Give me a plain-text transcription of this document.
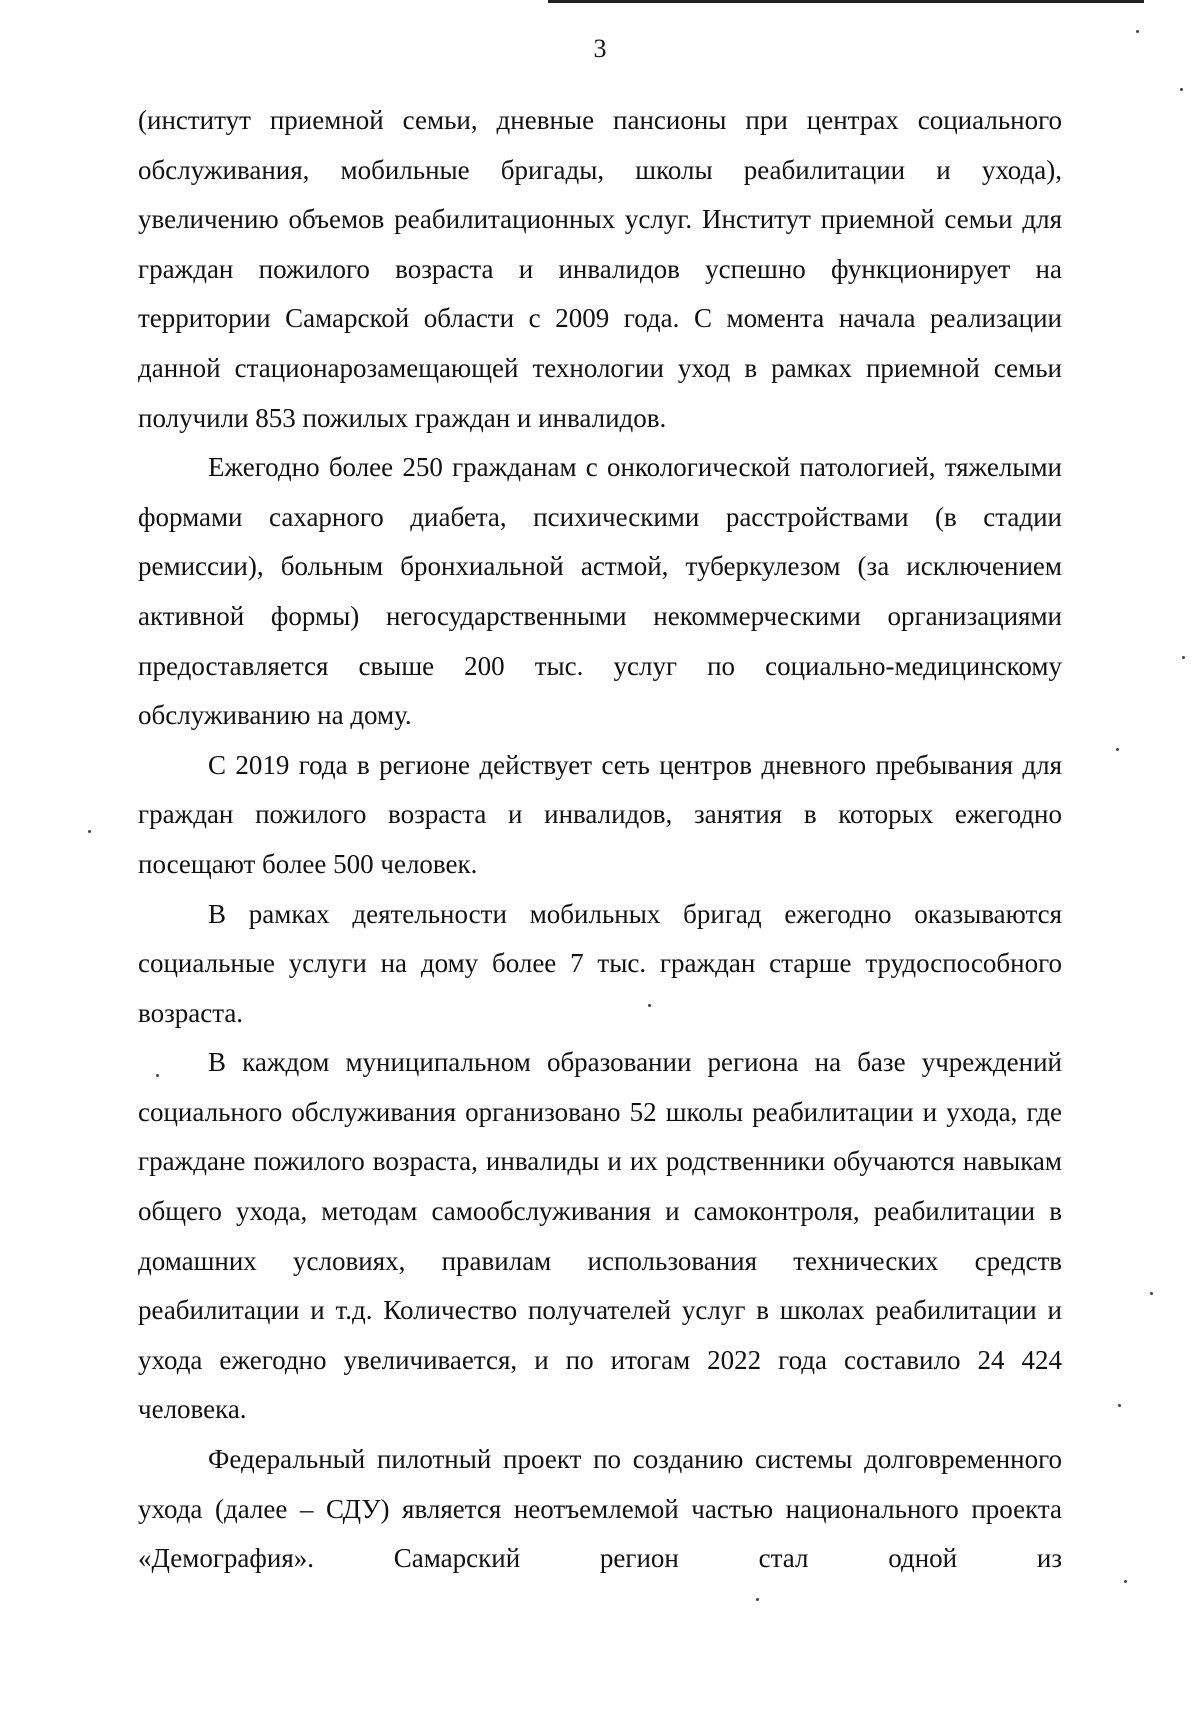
3

(институт приемной семьи, дневные пансионы при центрах социального обслуживания, мобильные бригады, школы реабилитации и ухода), увеличению объемов реабилитационных услуг. Институт приемной семьи для граждан пожилого возраста и инвалидов успешно функционирует на территории Самарской области с 2009 года. С момента начала реализации данной стационарозамещающей технологии уход в рамках приемной семьи получили 853 пожилых граждан и инвалидов.

Ежегодно более 250 гражданам с онкологической патологией, тяжелыми формами сахарного диабета, психическими расстройствами (в стадии ремиссии), больным бронхиальной астмой, туберкулезом (за исключением активной формы) негосударственными некоммерческими организациями предоставляется свыше 200 тыс. услуг по социально-медицинскому обслуживанию на дому.

С 2019 года в регионе действует сеть центров дневного пребывания для граждан пожилого возраста и инвалидов, занятия в которых ежегодно посещают более 500 человек.

В рамках деятельности мобильных бригад ежегодно оказываются социальные услуги на дому более 7 тыс. граждан старше трудоспособного возраста.

В каждом муниципальном образовании региона на базе учреждений социального обслуживания организовано 52 школы реабилитации и ухода, где граждане пожилого возраста, инвалиды и их родственники обучаются навыкам общего ухода, методам самообслуживания и самоконтроля, реабилитации в домашних условиях, правилам использования технических средств реабилитации и т.д. Количество получателей услуг в школах реабилитации и ухода ежегодно увеличивается, и по итогам 2022 года составило 24 424 человека.

Федеральный пилотный проект по созданию системы долговременного ухода (далее – СДУ) является неотъемлемой частью национального проекта «Демография». Самарский регион стал одной из
